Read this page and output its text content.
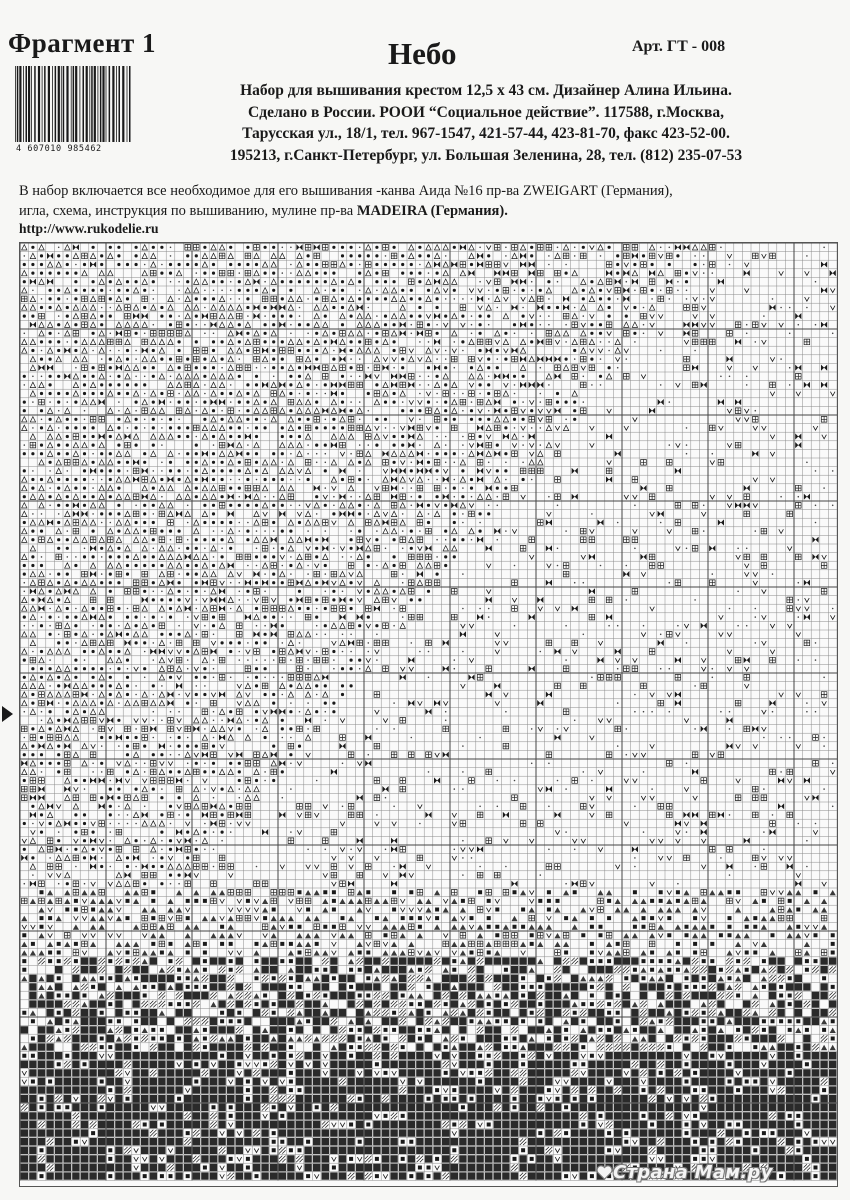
Фрагмент 1	Небо	Арт. ГТ - 008
4 607010 985462
Набор для вышивания крестом 12,5 x 43 см. Дизайнер Алина Ильина.
Сделано в России. РООИ “Социальное действие”. 117588, г.Москва,
Тарусская ул., 18/1, тел. 967-1547, 421-57-44, 423-81-70, факс 423-52-00.
195213, г.Санкт-Петербург, ул. Большая Зеленина, 28, тел. (812) 235-07-53
В набор включается все необходимое для его вышивания -канва Аида №16 пр-ва ZWEIGART (Германия),
игла, схема, инструкция по вышиванию, мулине пр-ва MADEIRA (Германия).
http://www.rukodelie.ru
Страна Мам.ру
